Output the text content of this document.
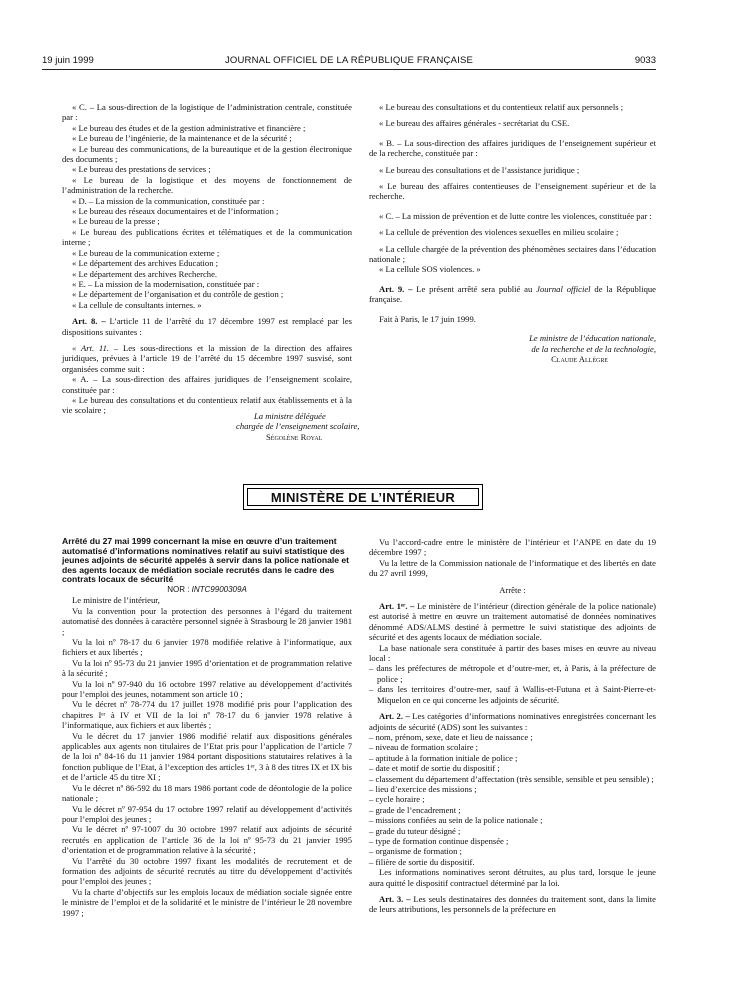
19 juin 1999	JOURNAL OFFICIEL DE LA RÉPUBLIQUE FRANÇAISE	9033

« C. – La sous-direction de la logistique de l’administration centrale, constituée par :

« Le bureau des études et de la gestion administrative et financière ;

« Le bureau de l’ingénierie, de la maintenance et de la sécurité ;

« Le bureau des communications, de la bureautique et de la gestion électronique des documents ;

« Le bureau des prestations de services ;

« Le bureau de la logistique et des moyens de fonctionnement de l’administration de la recherche.

« D. – La mission de la communication, constituée par :

« Le bureau des réseaux documentaires et de l’information ;

« Le bureau de la presse ;

« Le bureau des publications écrites et télématiques et de la communication interne ;

« Le bureau de la communication externe ;

« Le département des archives Education ;

« Le département des archives Recherche.

« E. – La mission de la modernisation, constituée par :

« Le département de l’organisation et du contrôle de gestion ;

« La cellule de consultants internes. »

Art. 8. – L’article 11 de l’arrêté du 17 décembre 1997 est remplacé par les dispositions suivantes :

« Art. 11. – Les sous-directions et la mission de la direction des affaires juridiques, prévues à l’article 19 de l’arrêté du 15 décembre 1997 susvisé, sont organisées comme suit :

« A. – La sous-direction des affaires juridiques de l’enseignement scolaire, constituée par :

« Le bureau des consultations et du contentieux relatif aux établissements et à la vie scolaire ;

« Le bureau des consultations et du contentieux relatif aux personnels ;

« Le bureau des affaires générales - secrétariat du CSE.

« B. – La sous-direction des affaires juridiques de l’enseignement supérieur et de la recherche, constituée par :

« Le bureau des consultations et de l’assistance juridique ;

« Le bureau des affaires contentieuses de l’enseignement supérieur et de la recherche.

« C. – La mission de prévention et de lutte contre les violences, constituée par :

« La cellule de prévention des violences sexuelles en milieu scolaire ;

« La cellule chargée de la prévention des phénomènes sectaires dans l’éducation nationale ;

« La cellule SOS violences. »

Art. 9. – Le présent arrêté sera publié au Journal officiel de la République française.

Fait à Paris, le 17 juin 1999.

Le ministre de l’éducation nationale,

de la recherche et de la technologie,

Claude Allègre

La ministre déléguée

chargée de l’enseignement scolaire,

Ségolène Royal

MINISTÈRE DE L’INTÉRIEUR

Arrêté du 27 mai 1999 concernant la mise en œuvre d’un traitement automatisé d’informations nominatives relatif au suivi statistique des jeunes adjoints de sécurité appelés à servir dans la police nationale et des agents locaux de médiation sociale recrutés dans le cadre des contrats locaux de sécurité

NOR : INTC9900309A

Le ministre de l’intérieur,

Vu la convention pour la protection des personnes à l’égard du traitement automatisé des données à caractère personnel signée à Strasbourg le 28 janvier 1981 ;

Vu la loi nº 78-17 du 6 janvier 1978 modifiée relative à l’informatique, aux fichiers et aux libertés ;

Vu la loi nº 95-73 du 21 janvier 1995 d’orientation et de programmation relative à la sécurité ;

Vu la loi nº 97-940 du 16 octobre 1997 relative au développement d’activités pour l’emploi des jeunes, notamment son article 10 ;

Vu le décret nº 78-774 du 17 juillet 1978 modifié pris pour l’application des chapitres Iᵉʳ à IV et VII de la loi nº 78-17 du 6 janvier 1978 relative à l’informatique, aux fichiers et aux libertés ;

Vu le décret du 17 janvier 1986 modifié relatif aux dispositions générales applicables aux agents non titulaires de l’Etat pris pour l’application de l’article 7 de la loi nº 84-16 du 11 janvier 1984 portant dispositions statutaires relatives à la fonction publique de l’Etat, à l’exception des articles 1ᵉʳ, 3 à 8 des titres IX et IX bis et de l’article 45 du titre XI ;

Vu le décret nº 86-592 du 18 mars 1986 portant code de déontologie de la police nationale ;

Vu le décret nº 97-954 du 17 octobre 1997 relatif au développement d’activités pour l’emploi des jeunes ;

Vu le décret nº 97-1007 du 30 octobre 1997 relatif aux adjoints de sécurité recrutés en application de l’article 36 de la loi nº 95-73 du 21 janvier 1995 d’orientation et de programmation relative à la sécurité ;

Vu l’arrêté du 30 octobre 1997 fixant les modalités de recrutement et de formation des adjoints de sécurité recrutés au titre du développement d’activités pour l’emploi des jeunes ;

Vu la charte d’objectifs sur les emplois locaux de médiation sociale signée entre le ministre de l’emploi et de la solidarité et le ministre de l’intérieur le 28 novembre 1997 ;

Vu l’accord-cadre entre le ministère de l’intérieur et l’ANPE en date du 19 décembre 1997 ;

Vu la lettre de la Commission nationale de l’informatique et des libertés en date du 27 avril 1999,

Arrête :

Art. 1ᵉʳ. – Le ministère de l’intérieur (direction générale de la police nationale) est autorisé à mettre en œuvre un traitement automatisé de données nominatives dénommé ADS/ALMS destiné à permettre le suivi statistique des adjoints de sécurité et des agents locaux de médiation sociale.

La base nationale sera constituée à partir des bases mises en œuvre au niveau local :

– dans les préfectures de métropole et d’outre-mer, et, à Paris, à la préfecture de police ;

– dans les territoires d’outre-mer, sauf à Wallis-et-Futuna et à Saint-Pierre-et-Miquelon en ce qui concerne les adjoints de sécurité.

Art. 2. – Les catégories d’informations nominatives enregistrées concernant les adjoints de sécurité (ADS) sont les suivantes :

– nom, prénom, sexe, date et lieu de naissance ;

– niveau de formation scolaire ;

– aptitude à la formation initiale de police ;

– date et motif de sortie du dispositif ;

– classement du département d’affectation (très sensible, sensible et peu sensible) ;

– lieu d’exercice des missions ;

– cycle horaire ;

– grade de l’encadrement ;

– missions confiées au sein de la police nationale ;

– grade du tuteur désigné ;

– type de formation continue dispensée ;

– organisme de formation ;

– filière de sortie du dispositif.

Les informations nominatives seront détruites, au plus tard, lorsque le jeune aura quitté le dispositif contractuel déterminé par la loi.

Art. 3. – Les seuls destinataires des données du traitement sont, dans la limite de leurs attributions, les personnels de la préfecture en
